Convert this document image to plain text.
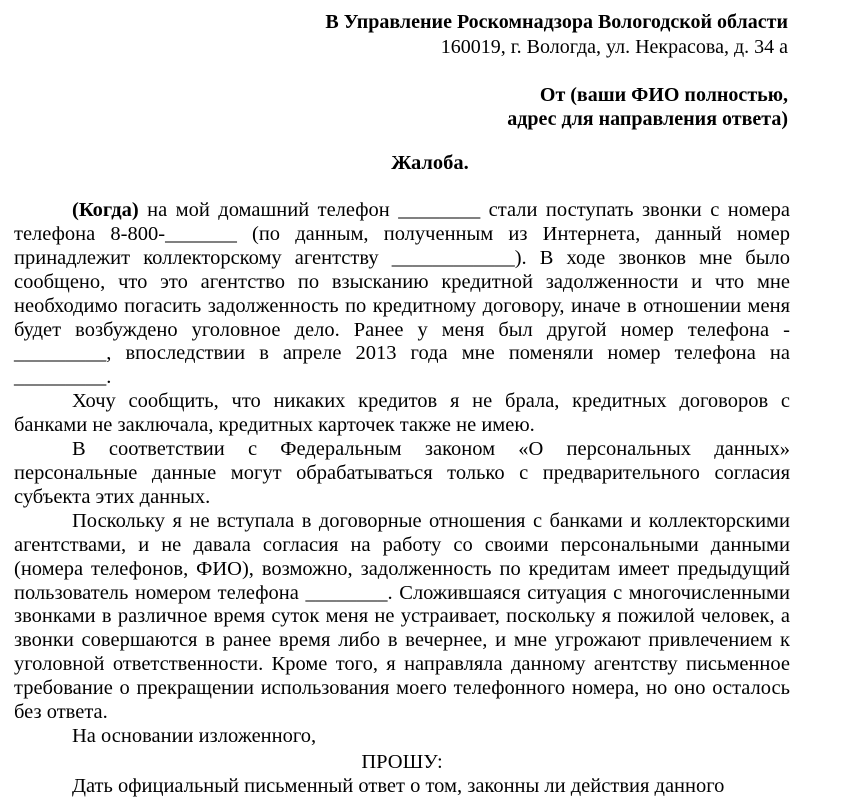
В Управление Роскомнадзора Вологодской области
160019, г. Вологда, ул. Некрасова, д. 34 а
От (ваши ФИО полностью,
адрес для направления ответа)
Жалоба.

(Когда) на мой домашний телефон ________ стали поступать звонки с номера телефона 8-800-_______ (по данным, полученным из Интернета, данный номер принадлежит коллекторскому агентству ____________). В ходе звонков мне было сообщено, что это агентство по взысканию кредитной задолженности и что мне необходимо погасить задолженность по кредитному договору, иначе в отношении меня будет возбуждено уголовное дело. Ранее у меня был другой номер телефона - _________, впоследствии в апреле 2013 года мне поменяли номер телефона на _________.

Хочу сообщить, что никаких кредитов я не брала, кредитных договоров с банками не заключала, кредитных карточек также не имею.

В соответствии с Федеральным законом «О персональных данных» персональные данные могут обрабатываться только с предварительного согласия субъекта этих данных.

Поскольку я не вступала в договорные отношения с банками и коллекторскими агентствами, и не давала согласия на работу со своими персональными данными (номера телефонов, ФИО), возможно, задолженность по кредитам имеет предыдущий пользователь номером телефона ________. Сложившаяся ситуация с многочисленными звонками в различное время суток меня не устраивает, поскольку я пожилой человек, а звонки совершаются в ранее время либо в вечернее, и мне угрожают привлечением к уголовной ответственности. Кроме того, я направляла данному агентству письменное требование о прекращении использования моего телефонного номера, но оно осталось без ответа.

На основании изложенного,

ПРОШУ:

Дать официальный письменный ответ о том, законны ли действия данного
